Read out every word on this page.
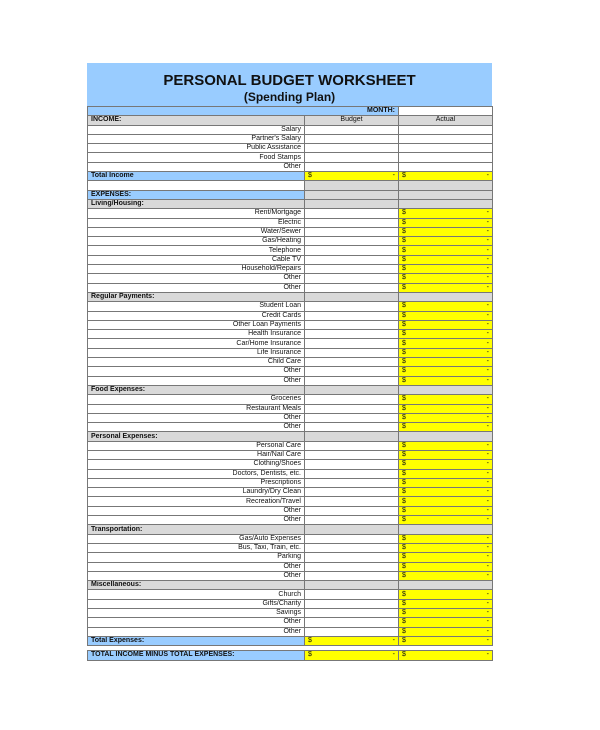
PERSONAL BUDGET WORKSHEET
(Spending Plan)
MONTH:		
INCOME:	Budget	Actual
Salary		
Partner's Salary		
Public Assistance		
Food Stamps		
Other		
Total Income	$ -	$ -

EXPENSES:		
Living/Housing:		
Rent/Mortgage		$ -

Electric		$ -

Water/Sewer		$ -

Gas/Heating		$ -

Telephone		$ -

Cable TV		$ -

Household/Repairs		$ -

Other		$ -

Other		$ -

Regular Payments:		
Student Loan		$ -

Credit Cards		$ -

Other Loan Payments		$ -

Health Insurance		$ -

Car/Home Insurance		$ -

Life Insurance		$ -

Child Care		$ -

Other		$ -

Other		$ -

Food Expenses:		
Groceries		$ -

Restaurant Meals		$ -

Other		$ -

Other		$ -

Personal Expenses:		
Personal Care		$ -

Hair/Nail Care		$ -

Clothing/Shoes		$ -

Doctors, Dentists, etc.		$ -

Prescriptions		$ -

Laundry/Dry Clean		$ -

Recreation/Travel		$ -

Other		$ -

Other		$ -

Transportation:		
Gas/Auto Expenses		$ -

Bus, Taxi, Train, etc.		$ -

Parking		$ -

Other		$ -

Other		$ -

Miscellaneous:		
Church		$ -

Gifts/Charity		$ -

Savings		$ -

Other		$ -

Other		$ -

Total Expenses:	$ -	$ -

TOTAL INCOME MINUS TOTAL EXPENSES:	$ -	$ -
